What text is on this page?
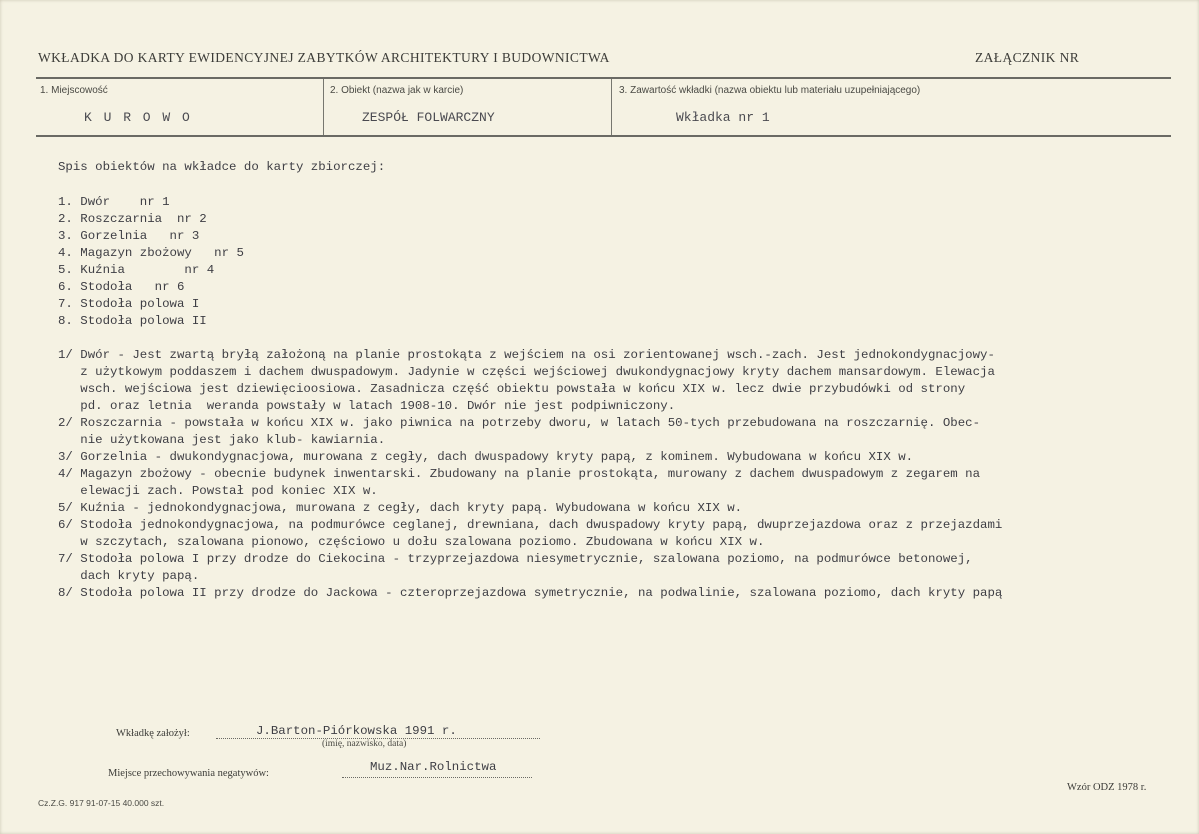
WKŁADKA DO KARTY EWIDENCYJNEJ ZABYTKÓW ARCHITEKTURY I BUDOWNICTWA	ZAŁĄCZNIK NR
1. Miejscowość
K U R O W O
2. Obiekt (nazwa jak w karcie)
ZESPÓŁ FOLWARCZNY
3. Zawartość wkładki (nazwa obiektu lub materiału uzupełniającego)
Wkładka nr 1
Spis obiektów na wkładce do karty zbiorczej:
1. Dwór    nr 1
2. Roszczarnia  nr 2
3. Gorzelnia   nr 3
4. Magazyn zbożowy   nr 5
5. Kuźnia        nr 4
6. Stodoła   nr 6
7. Stodoła polowa I
8. Stodoła polowa II
1/ Dwór - Jest zwartą bryłą założoną na planie prostokąta z wejściem na osi zorientowanej wsch.-zach. Jest jednokondygnacjowy-
z użytkowym poddaszem i dachem dwuspadowym. Jadynie w części wejściowej dwukondygnacjowy kryty dachem mansardowym. Elewacja
wsch. wejściowa jest dziewięcioosiowa. Zasadnicza część obiektu powstała w końcu XIX w. lecz dwie przybudówki od strony
pd. oraz letnia  weranda powstały w latach 1908-10. Dwór nie jest podpiwniczony.
2/ Roszczarnia - powstała w końcu XIX w. jako piwnica na potrzeby dworu, w latach 50-tych przebudowana na roszczarnię. Obec-
nie użytkowana jest jako klub- kawiarnia.
3/ Gorzelnia - dwukondygnacjowa, murowana z cegły, dach dwuspadowy kryty papą, z kominem. Wybudowana w końcu XIX w.
4/ Magazyn zbożowy - obecnie budynek inwentarski. Zbudowany na planie prostokąta, murowany z dachem dwuspadowym z zegarem na
elewacji zach. Powstał pod koniec XIX w.
5/ Kuźnia - jednokondygnacjowa, murowana z cegły, dach kryty papą. Wybudowana w końcu XIX w.
6/ Stodoła jednokondygnacjowa, na podmurówce ceglanej, drewniana, dach dwuspadowy kryty papą, dwuprzejazdowa oraz z przejazdami
w szczytach, szalowana pionowo, częściowo u dołu szalowana poziomo. Zbudowana w końcu XIX w.
7/ Stodoła polowa I przy drodze do Ciekocina - trzyprzejazdowa niesymetrycznie, szalowana poziomo, na podmurówce betonowej,
dach kryty papą.
8/ Stodoła polowa II przy drodze do Jackowa - czteroprzejazdowa symetrycznie, na podwalinie, szalowana poziomo, dach kryty papą
Wkładkę założył:	J.Barton-Piórkowska 1991 r.
(imię, nazwisko, data)
Miejsce przechowywania negatywów:	Muz.Nar.Rolnictwa
Cz.Z.G. 917 91-07-15 40.000 szt.
Wzór ODZ 1978 r.
